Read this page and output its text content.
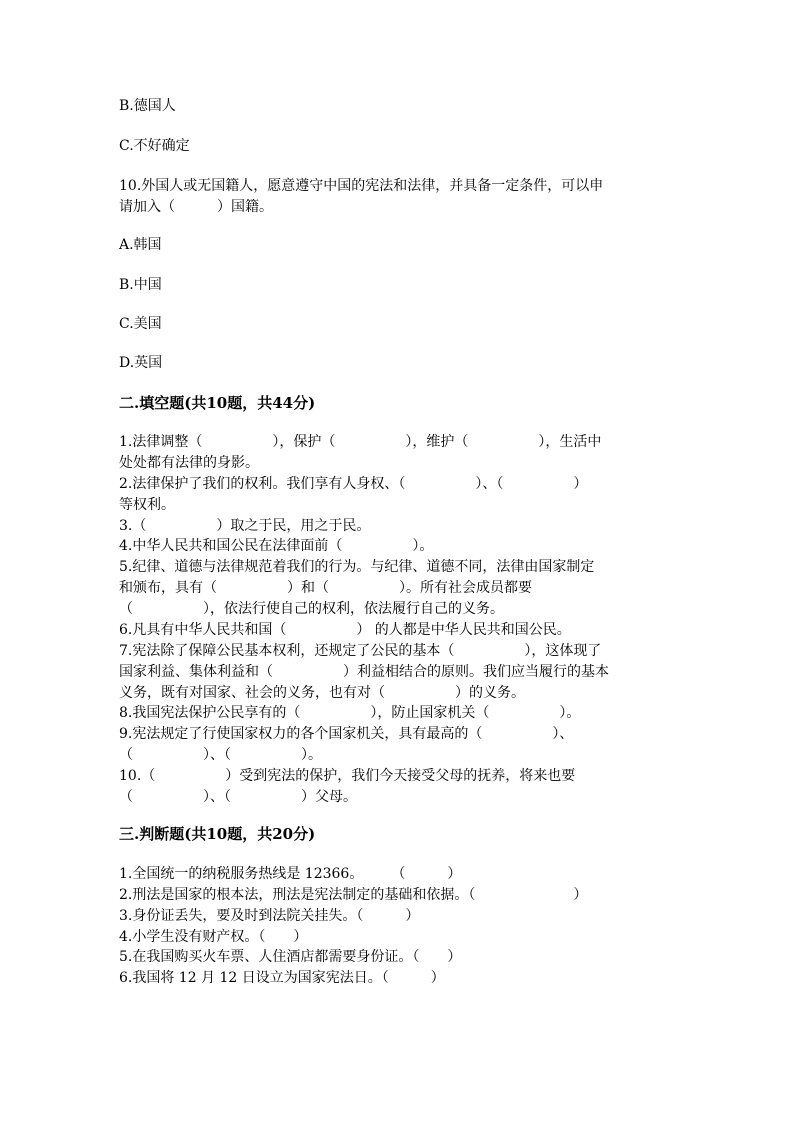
B.德国人
C.不好确定
10.外国人或无国籍人，愿意遵守中国的宪法和法律，并具备一定条件，可以申
请加入（　　　）国籍。
A.韩国
B.中国
C.美国
D.英国
二.填空题(共10题，共44分)
1.法律调整（　　　　　），保护（　　　　　），维护（　　　　　），生活中
处处都有法律的身影。
2.法律保护了我们的权利。我们享有人身权、（　　　　　）、（　　　　　）
等权利。
3.（　　　　　）取之于民，用之于民。
4.中华人民共和国公民在法律面前（　　　　　）。
5.纪律、道德与法律规范着我们的行为。与纪律、道德不同，法律由国家制定
和颁布，具有（　　　　　）和（　　　　　）。所有社会成员都要
（　　　　　），依法行使自己的权利，依法履行自己的义务。
6.凡具有中华人民共和国（　　　　　） 的人都是中华人民共和国公民。
7.宪法除了保障公民基本权利，还规定了公民的基本（　　　　　），这体现了
国家利益、集体利益和（　　　　　）利益相结合的原则。我们应当履行的基本
义务，既有对国家、社会的义务，也有对（　　　　　）的义务。
8.我国宪法保护公民享有的（　　　　　），防止国家机关（　　　　　）。
9.宪法规定了行使国家权力的各个国家机关，具有最高的（　　　　　）、
（　　　　　）、（　　　　　）。
10.（　　　　　）受到宪法的保护，我们今天接受父母的抚养，将来也要
（　　　　　）、（　　　　　）父母。
三.判断题(共10题，共20分)
1.全国统一的纳税服务热线是 12366。　　　（　　　）
2.刑法是国家的根本法，刑法是宪法制定的基础和依据。（　　　　　　　）
3.身份证丢失，要及时到法院关挂失。（　　　）
4.小学生没有财产权。（　　）
5.在我国购买火车票、人住酒店都需要身份证。（　　）
6.我国将 12 月 12 日设立为国家宪法日。（　　　）
